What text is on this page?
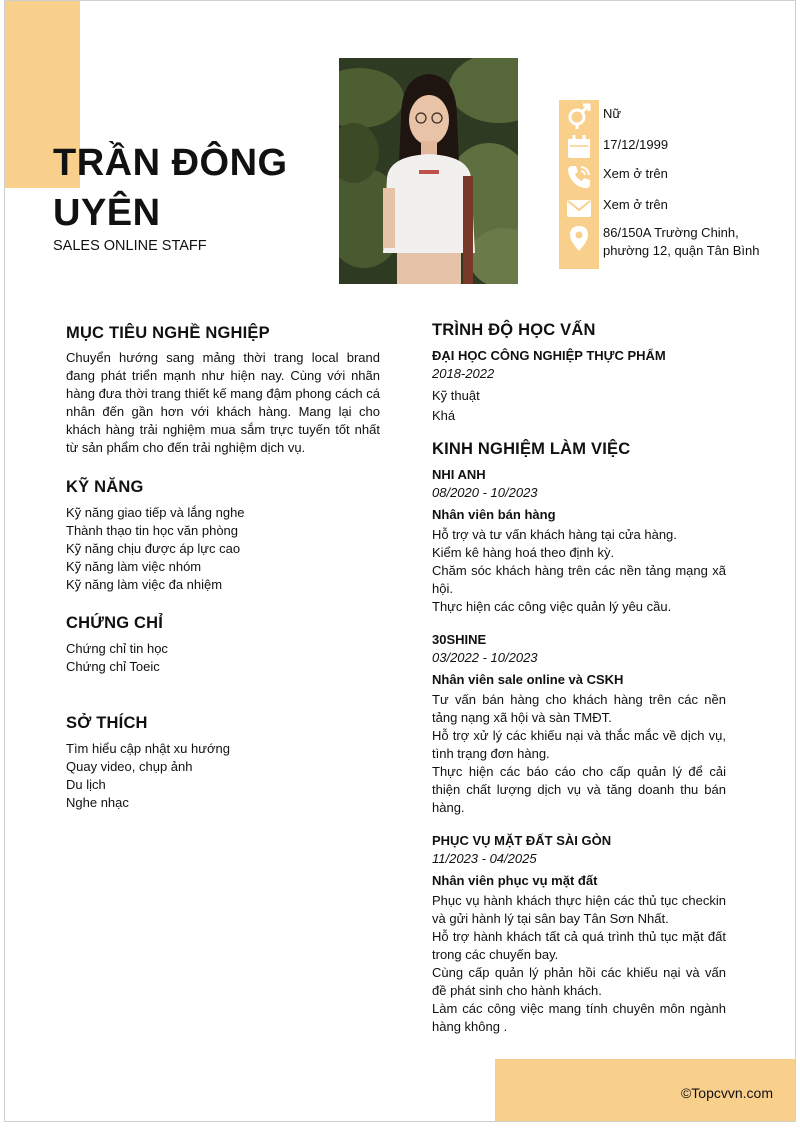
TRẦN ĐÔNG
UYÊN
SALES ONLINE STAFF
Nữ
17/12/1999
Xem ở trên
Xem ở trên
86/150A Trường Chinh,
phường 12, quận Tân Bình
MỤC TIÊU NGHỀ NGHIỆP
Chuyển hướng sang mảng thời trang local brand đang phát triển mạnh như hiện nay. Cùng với nhãn hàng đưa thời trang thiết kế mang đậm phong cách cá nhân đến gần hơn với khách hàng. Mang lại cho khách hàng trải nghiệm mua sắm trực tuyến tốt nhất từ sản phẩm cho đến trải nghiệm dịch vụ.
KỸ NĂNG
Kỹ năng giao tiếp và lắng nghe
Thành thạo tin học văn phòng
Kỹ năng chịu được áp lực cao
Kỹ năng làm việc nhóm
Kỹ năng làm việc đa nhiệm
CHỨNG CHỈ
Chứng chỉ tin học
Chứng chỉ Toeic
SỞ THÍCH
Tìm hiểu cập nhật xu hướng
Quay video, chụp ảnh
Du lịch
Nghe nhạc
TRÌNH ĐỘ HỌC VẤN
ĐẠI HỌC CÔNG NGHIỆP THỰC PHẨM
2018-2022
Kỹ thuật
Khá
KINH NGHIỆM LÀM VIỆC
NHI ANH
08/2020 - 10/2023
Nhân viên bán hàng
Hỗ trợ và tư vấn khách hàng tại cửa hàng.
Kiểm kê hàng hoá theo định kỳ.
Chăm sóc khách hàng trên các nền tảng mạng xã hội.
Thực hiện các công việc quản lý yêu cầu.
30SHINE
03/2022 - 10/2023
Nhân viên sale online và CSKH
Tư vấn bán hàng cho khách hàng trên các nền tảng nạng xã hội và sàn TMĐT.
Hỗ trợ xử lý các khiếu nại và thắc mắc về dịch vụ, tình trạng đơn hàng.
Thực hiện các báo cáo cho cấp quản lý để cải thiện chất lượng dịch vụ và tăng doanh thu bán hàng.
PHỤC VỤ MẶT ĐẤT SÀI GÒN
11/2023 - 04/2025
Nhân viên phục vụ mặt đất
Phục vụ hành khách thực hiện các thủ tục checkin và gửi hành lý tại sân bay Tân Sơn Nhất.
Hỗ trợ hành khách tất cả quá trình thủ tục mặt đất trong các chuyến bay.
Cùng cấp quản lý phản hồi các khiếu nại và vấn đề phát sinh cho hành khách.
Làm các công việc mang tính chuyên môn ngành hàng không .
©Topcvvn.com
